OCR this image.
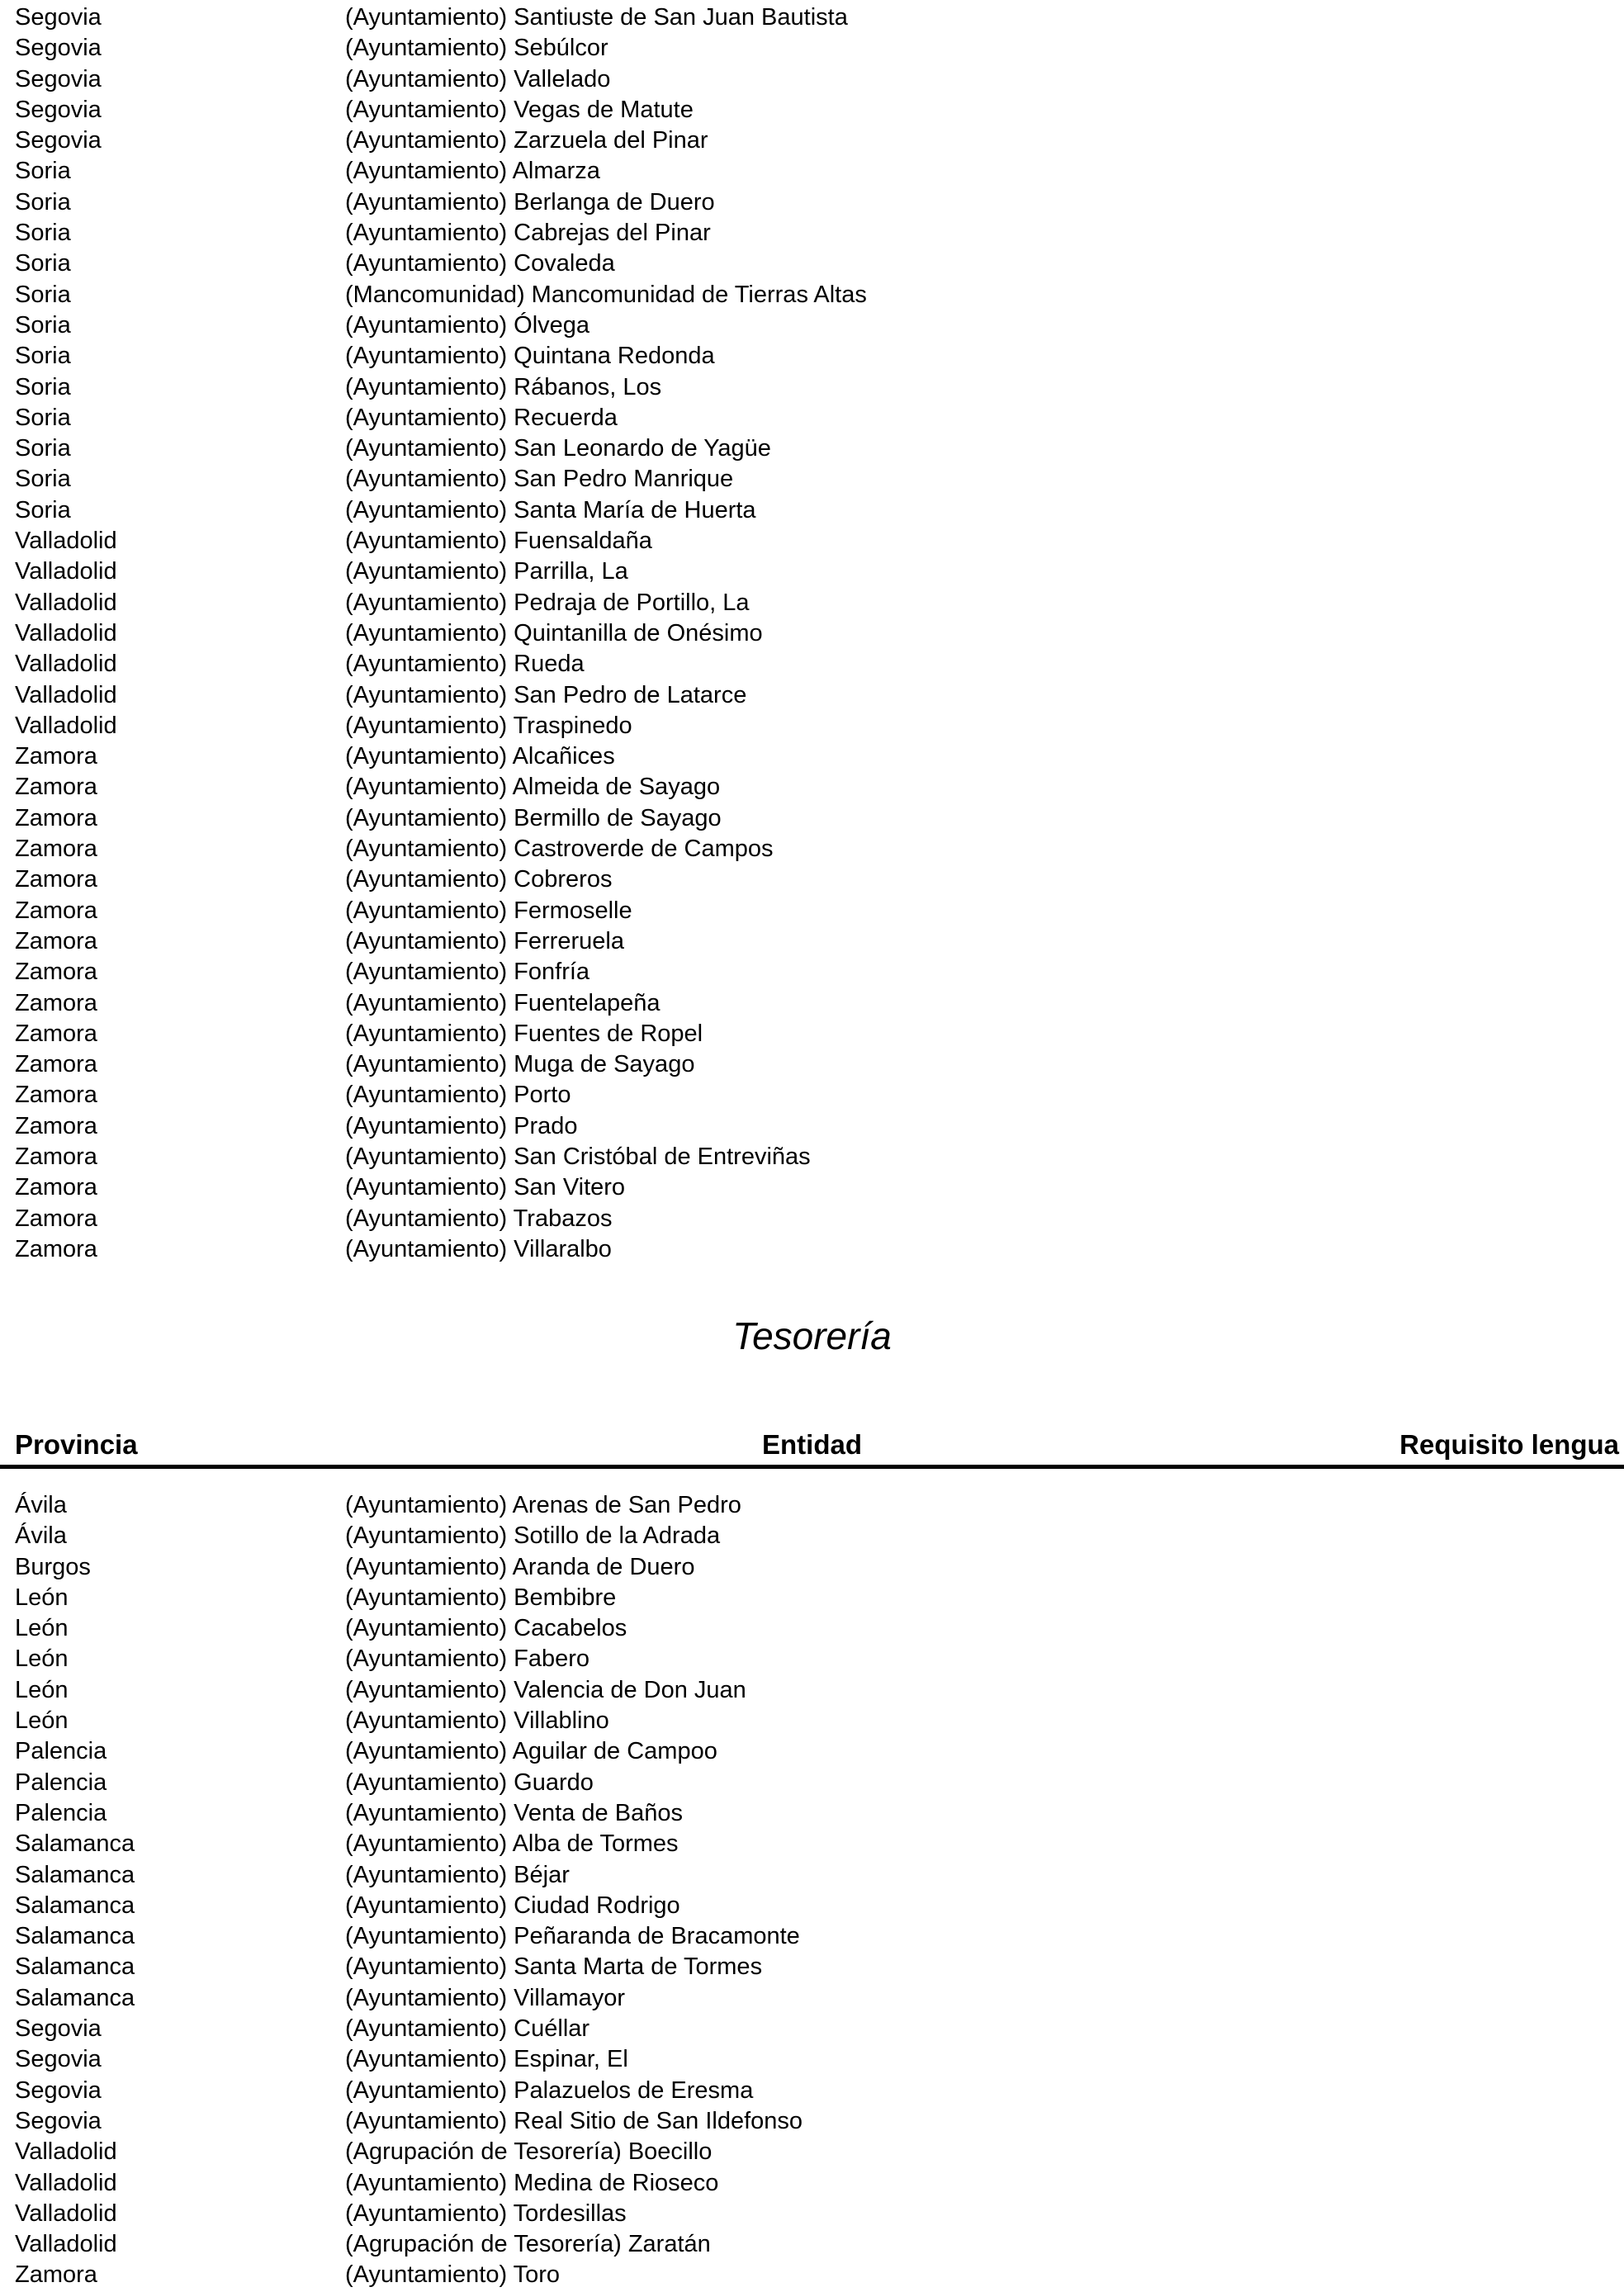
Segovia	(Ayuntamiento) Santiuste de San Juan Bautista
Segovia	(Ayuntamiento) Sebúlcor
Segovia	(Ayuntamiento) Vallelado
Segovia	(Ayuntamiento) Vegas de Matute
Segovia	(Ayuntamiento) Zarzuela del Pinar
Soria	(Ayuntamiento) Almarza
Soria	(Ayuntamiento) Berlanga de Duero
Soria	(Ayuntamiento) Cabrejas del Pinar
Soria	(Ayuntamiento) Covaleda
Soria	(Mancomunidad) Mancomunidad de Tierras Altas
Soria	(Ayuntamiento) Ólvega
Soria	(Ayuntamiento) Quintana Redonda
Soria	(Ayuntamiento) Rábanos, Los
Soria	(Ayuntamiento) Recuerda
Soria	(Ayuntamiento) San Leonardo de Yagüe
Soria	(Ayuntamiento) San Pedro Manrique
Soria	(Ayuntamiento) Santa María de Huerta
Valladolid	(Ayuntamiento) Fuensaldaña
Valladolid	(Ayuntamiento) Parrilla, La
Valladolid	(Ayuntamiento) Pedraja de Portillo, La
Valladolid	(Ayuntamiento) Quintanilla de Onésimo
Valladolid	(Ayuntamiento) Rueda
Valladolid	(Ayuntamiento) San Pedro de Latarce
Valladolid	(Ayuntamiento) Traspinedo
Zamora	(Ayuntamiento) Alcañices
Zamora	(Ayuntamiento) Almeida de Sayago
Zamora	(Ayuntamiento) Bermillo de Sayago
Zamora	(Ayuntamiento) Castroverde de Campos
Zamora	(Ayuntamiento) Cobreros
Zamora	(Ayuntamiento) Fermoselle
Zamora	(Ayuntamiento) Ferreruela
Zamora	(Ayuntamiento) Fonfría
Zamora	(Ayuntamiento) Fuentelapeña
Zamora	(Ayuntamiento) Fuentes de Ropel
Zamora	(Ayuntamiento) Muga de Sayago
Zamora	(Ayuntamiento) Porto
Zamora	(Ayuntamiento) Prado
Zamora	(Ayuntamiento) San Cristóbal de Entreviñas
Zamora	(Ayuntamiento) San Vitero
Zamora	(Ayuntamiento) Trabazos
Zamora	(Ayuntamiento) Villaralbo
Tesorería
Provincia	Entidad	Requisito lengua
Ávila	(Ayuntamiento) Arenas de San Pedro
Ávila	(Ayuntamiento) Sotillo de la Adrada
Burgos	(Ayuntamiento) Aranda de Duero
León	(Ayuntamiento) Bembibre
León	(Ayuntamiento) Cacabelos
León	(Ayuntamiento) Fabero
León	(Ayuntamiento) Valencia de Don Juan
León	(Ayuntamiento) Villablino
Palencia	(Ayuntamiento) Aguilar de Campoo
Palencia	(Ayuntamiento) Guardo
Palencia	(Ayuntamiento) Venta de Baños
Salamanca	(Ayuntamiento) Alba de Tormes
Salamanca	(Ayuntamiento) Béjar
Salamanca	(Ayuntamiento) Ciudad Rodrigo
Salamanca	(Ayuntamiento) Peñaranda de Bracamonte
Salamanca	(Ayuntamiento) Santa Marta de Tormes
Salamanca	(Ayuntamiento) Villamayor
Segovia	(Ayuntamiento) Cuéllar
Segovia	(Ayuntamiento) Espinar, El
Segovia	(Ayuntamiento) Palazuelos de Eresma
Segovia	(Ayuntamiento) Real Sitio de San Ildefonso
Valladolid	(Agrupación de Tesorería) Boecillo
Valladolid	(Ayuntamiento) Medina de Rioseco
Valladolid	(Ayuntamiento) Tordesillas
Valladolid	(Agrupación de Tesorería) Zaratán
Zamora	(Ayuntamiento) Toro
